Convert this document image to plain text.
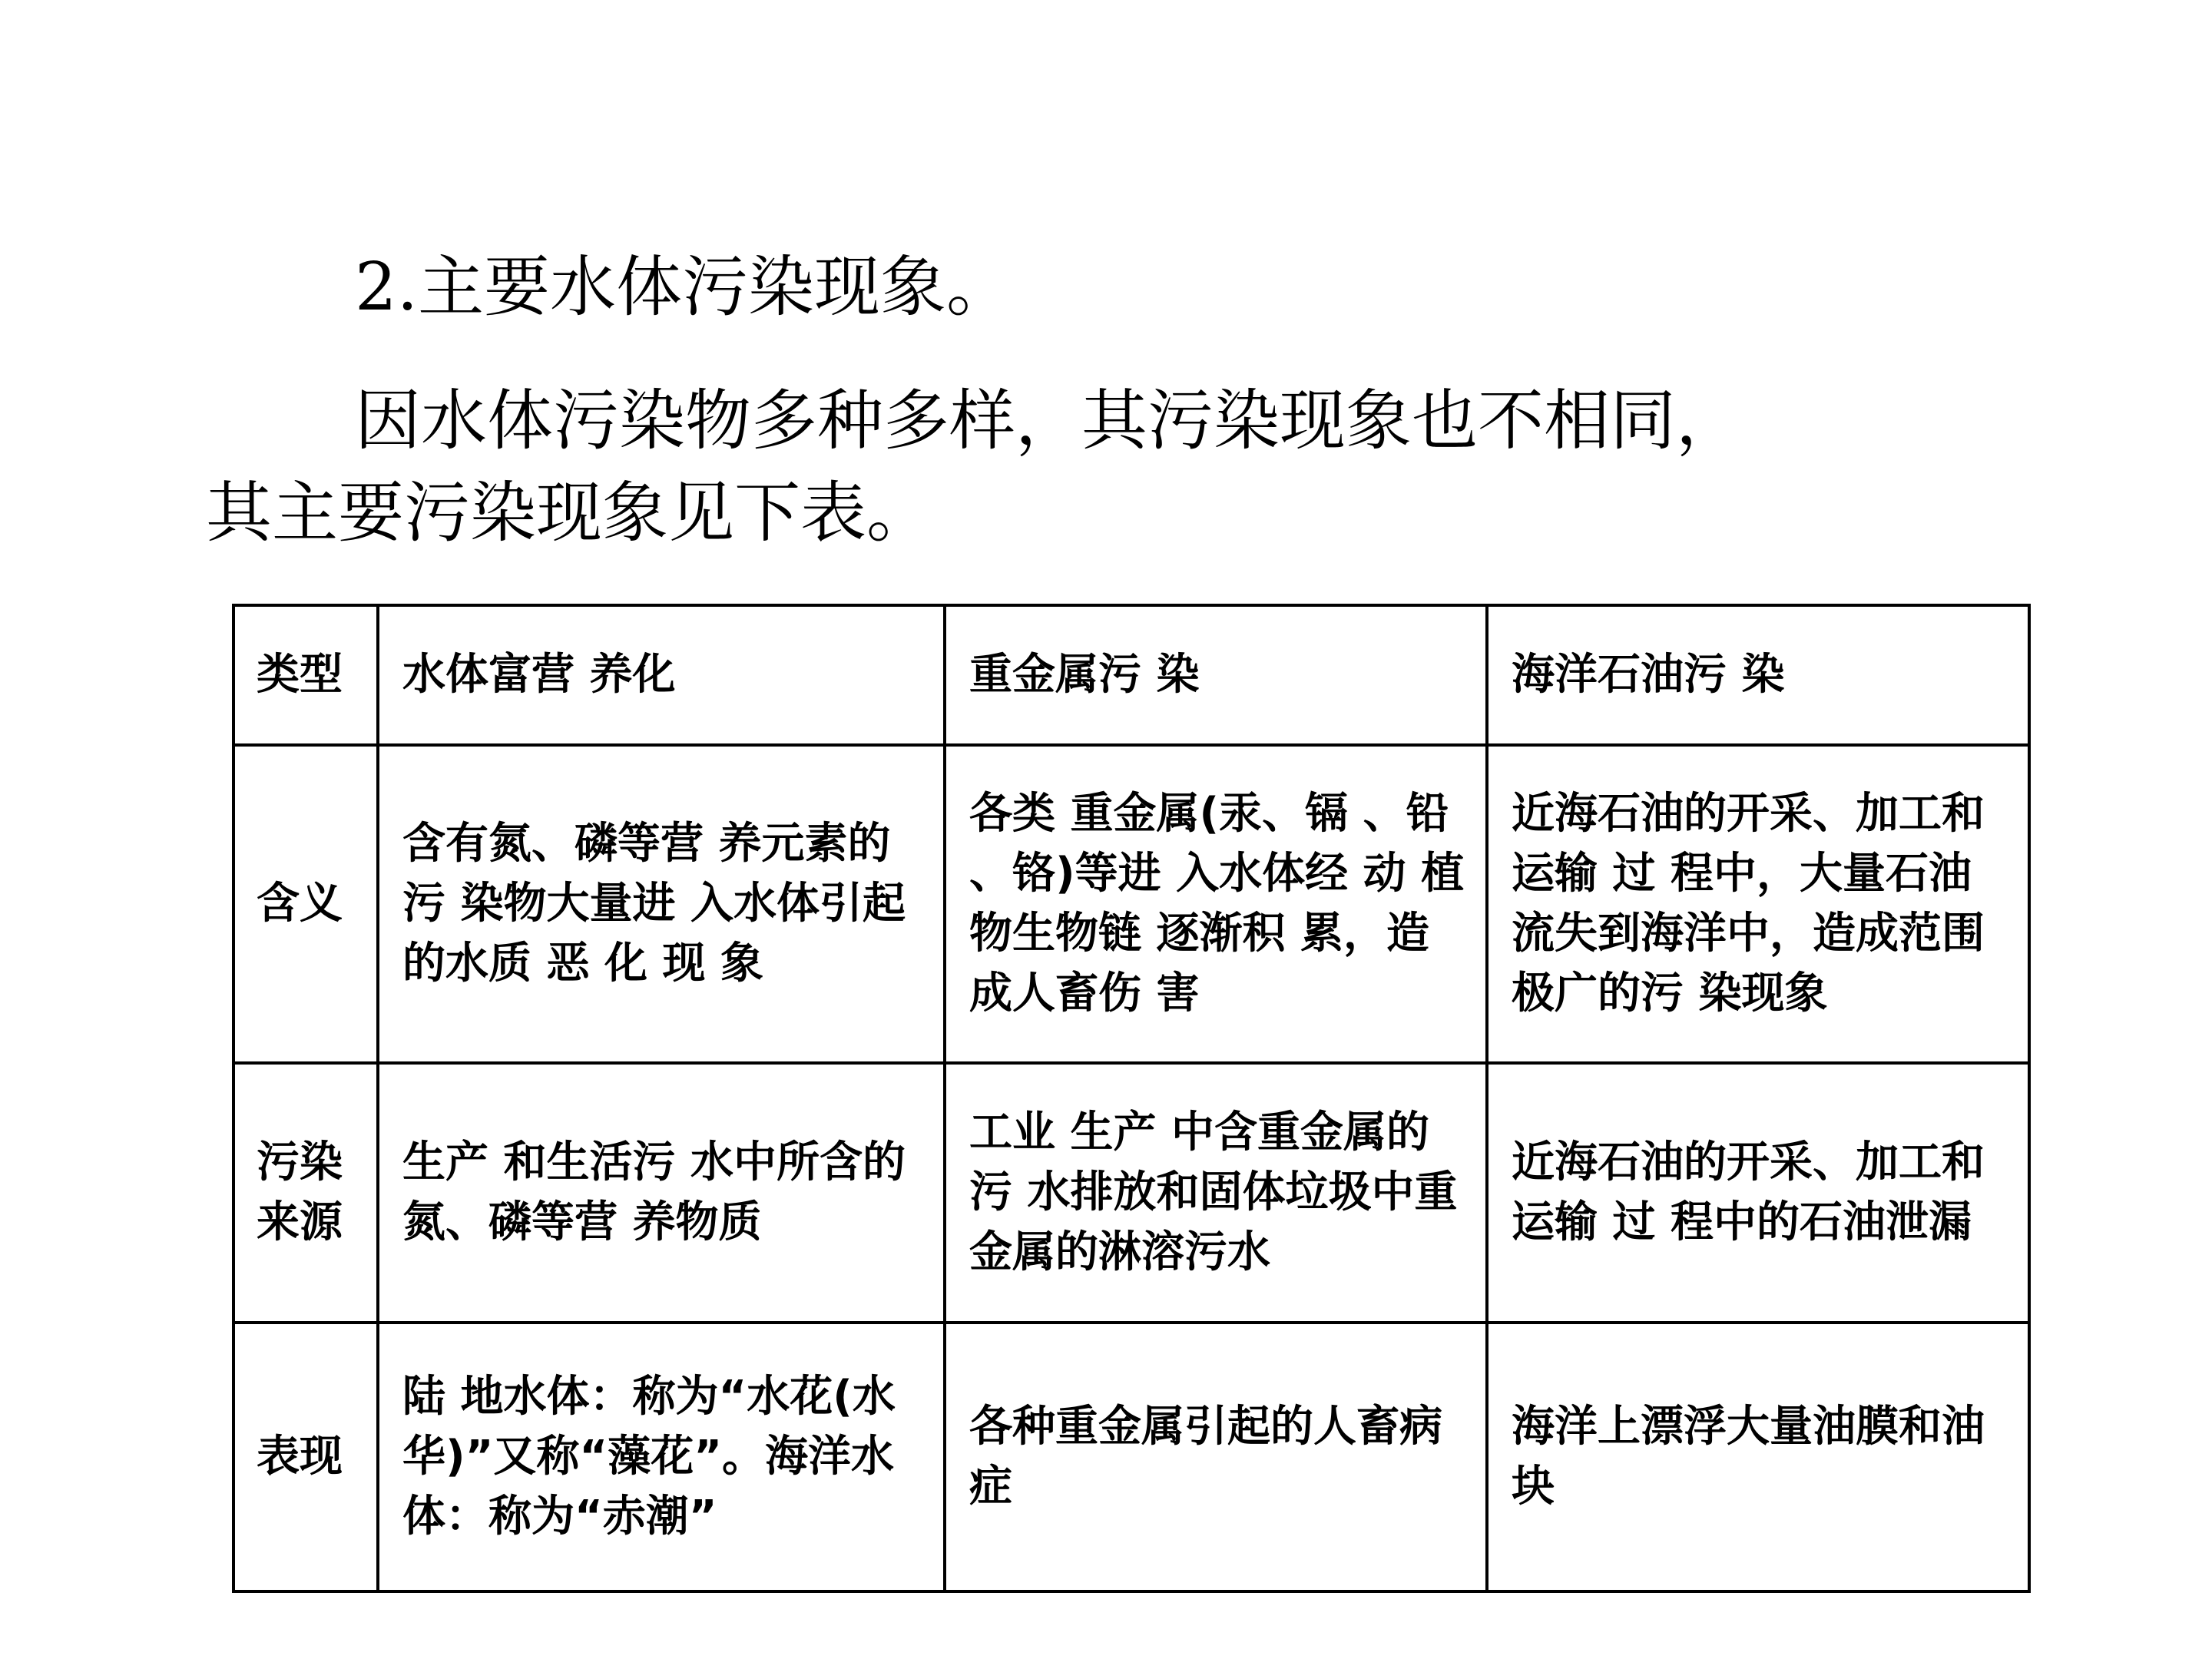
2.主要水体污染现象。
因水体污染物多种多样，其污染现象也不相同，
其主要污染现象见下表。
类型	水体富营 养化	重金属污 染	海洋石油污 染
含义	含有氮、磷等营 养元素的污 染物大量进 入水体引起的水质 恶 化 现 象	各类 重金属(汞、镉 、铅 、铬)等进 入水体经 动 植物生物链 逐渐积 累，造成人畜伤 害	近海石油的开采、加工和运输 过 程中，大量石油流失到海洋中，造成范围 极广的污 染现象
污染来源	生产 和生活污 水中所含的氮、磷等营 养物质	工业 生产 中含重金属的污 水排放和固体垃圾中重金属的淋溶污水	近海石油的开采、加工和运输 过 程中的石油泄漏
表现	陆 地水体：称为“水花(水华)”又称“藻花”。海洋水体：称为“赤潮”	各种重金属引起的人畜病症	海洋上漂浮大量油膜和油块
